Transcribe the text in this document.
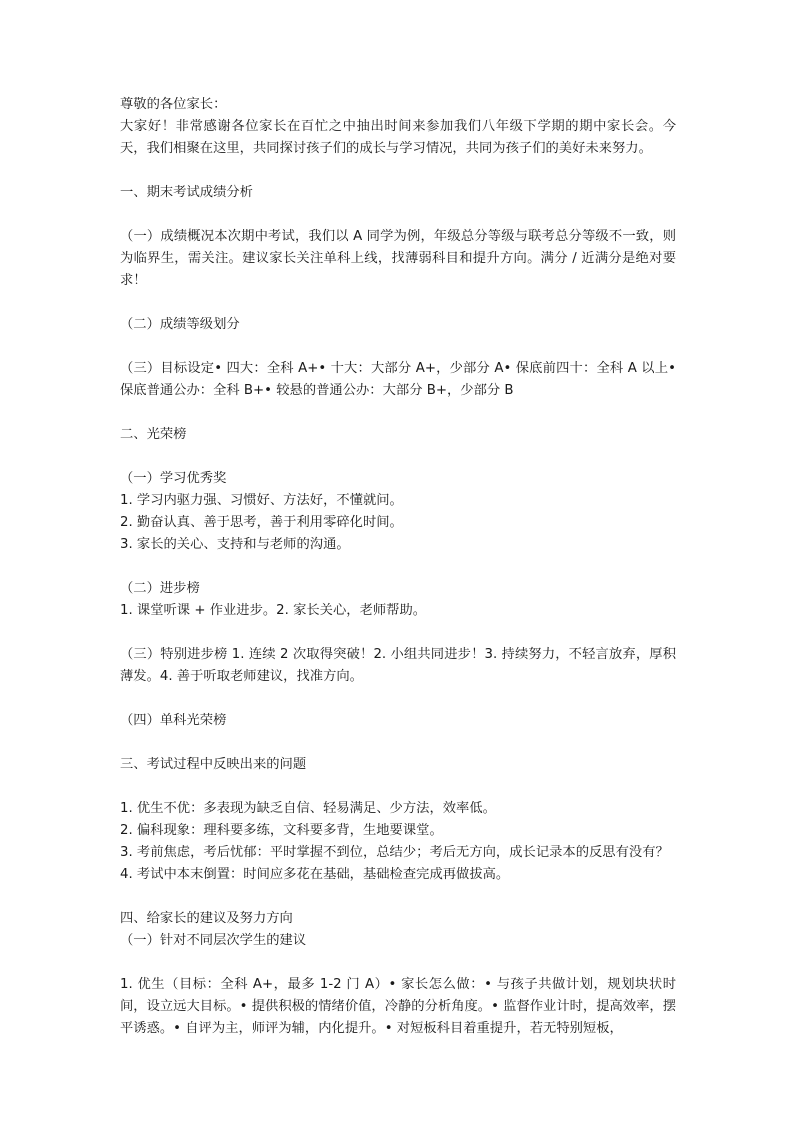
尊敬的各位家长：

大家好！非常感谢各位家长在百忙之中抽出时间来参加我们八年级下学期的期中家长会。今天，我们相聚在这里，共同探讨孩子们的成长与学习情况，共同为孩子们的美好未来努力。

一、期末考试成绩分析

（一）成绩概况本次期中考试，我们以 A 同学为例，年级总分等级与联考总分等级不一致，则为临界生，需关注。建议家长关注单科上线，找薄弱科目和提升方向。满分 / 近满分是绝对要求！

（二）成绩等级划分

（三）目标设定• 四大：全科 A+• 十大：大部分 A+，少部分 A• 保底前四十：全科 A 以上• 保底普通公办：全科 B+• 较悬的普通公办：大部分 B+，少部分 B

二、光荣榜

（一）学习优秀奖

1. 学习内驱力强、习惯好、方法好，不懂就问。

2. 勤奋认真、善于思考，善于利用零碎化时间。

3. 家长的关心、支持和与老师的沟通。

（二）进步榜

1. 课堂听课 + 作业进步。2. 家长关心，老师帮助。

（三）特别进步榜 1. 连续 2 次取得突破！2. 小组共同进步！3. 持续努力，不轻言放弃，厚积薄发。4. 善于听取老师建议，找准方向。

（四）单科光荣榜

三、考试过程中反映出来的问题

1. 优生不优：多表现为缺乏自信、轻易满足、少方法，效率低。

2. 偏科现象：理科要多练，文科要多背，生地要课堂。

3. 考前焦虑，考后忧郁：平时掌握不到位，总结少；考后无方向，成长记录本的反思有没有？

4. 考试中本末倒置：时间应多花在基础，基础检查完成再做拔高。

四、给家长的建议及努力方向

（一）针对不同层次学生的建议

1. 优生（目标：全科 A+，最多 1-2 门 A）• 家长怎么做：• 与孩子共做计划，规划块状时间，设立远大目标。• 提供积极的情绪价值，冷静的分析角度。• 监督作业计时，提高效率，摆平诱惑。• 自评为主，师评为辅，内化提升。• 对短板科目着重提升，若无特别短板，
